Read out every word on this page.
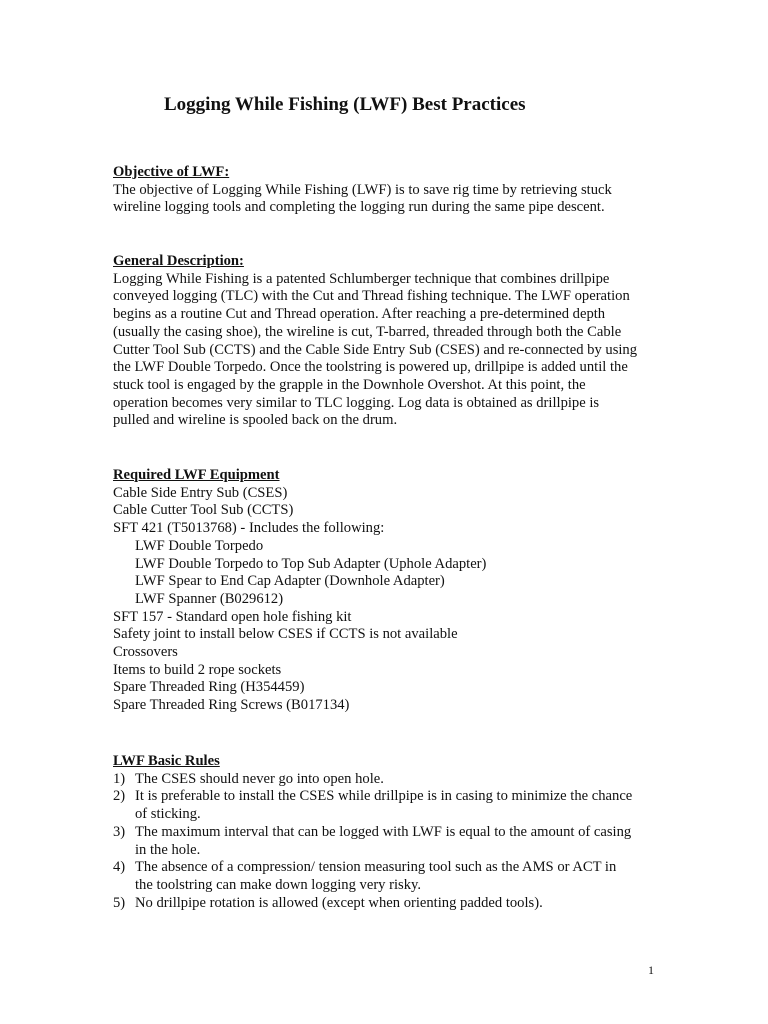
Logging While Fishing (LWF) Best Practices
Objective of LWF:
The objective of Logging While Fishing (LWF) is to save rig time by retrieving stuck
wireline logging tools and completing the logging run during the same pipe descent.
General Description:
Logging While Fishing is a patented Schlumberger technique that combines drillpipe
conveyed logging (TLC) with the Cut and Thread fishing technique. The LWF operation
begins as a routine Cut and Thread operation. After reaching a pre-determined depth
(usually the casing shoe), the wireline is cut, T-barred, threaded through both the Cable
Cutter Tool Sub (CCTS) and the Cable Side Entry Sub (CSES) and re-connected by using
the LWF Double Torpedo. Once the toolstring is powered up, drillpipe is added until the
stuck tool is engaged by the grapple in the Downhole Overshot. At this point, the
operation becomes very similar to TLC logging. Log data is obtained as drillpipe is
pulled and wireline is spooled back on the drum.
Required LWF Equipment
Cable Side Entry Sub (CSES)
Cable Cutter Tool Sub (CCTS)
SFT 421 (T5013768) - Includes the following:
LWF Double Torpedo
LWF Double Torpedo to Top Sub Adapter (Uphole Adapter)
LWF Spear to End Cap Adapter (Downhole Adapter)
LWF Spanner (B029612)
SFT 157 - Standard open hole fishing kit
Safety joint to install below CSES if CCTS is not available
Crossovers
Items to build 2 rope sockets
Spare Threaded Ring (H354459)
Spare Threaded Ring Screws (B017134)
LWF Basic Rules
1) The CSES should never go into open hole.
2) It is preferable to install the CSES while drillpipe is in casing to minimize the chance
of sticking.
3) The maximum interval that can be logged with LWF is equal to the amount of casing
in the hole.
4) The absence of a compression/ tension measuring tool such as the AMS or ACT in
the toolstring can make down logging very risky.
5) No drillpipe rotation is allowed (except when orienting padded tools).
1
